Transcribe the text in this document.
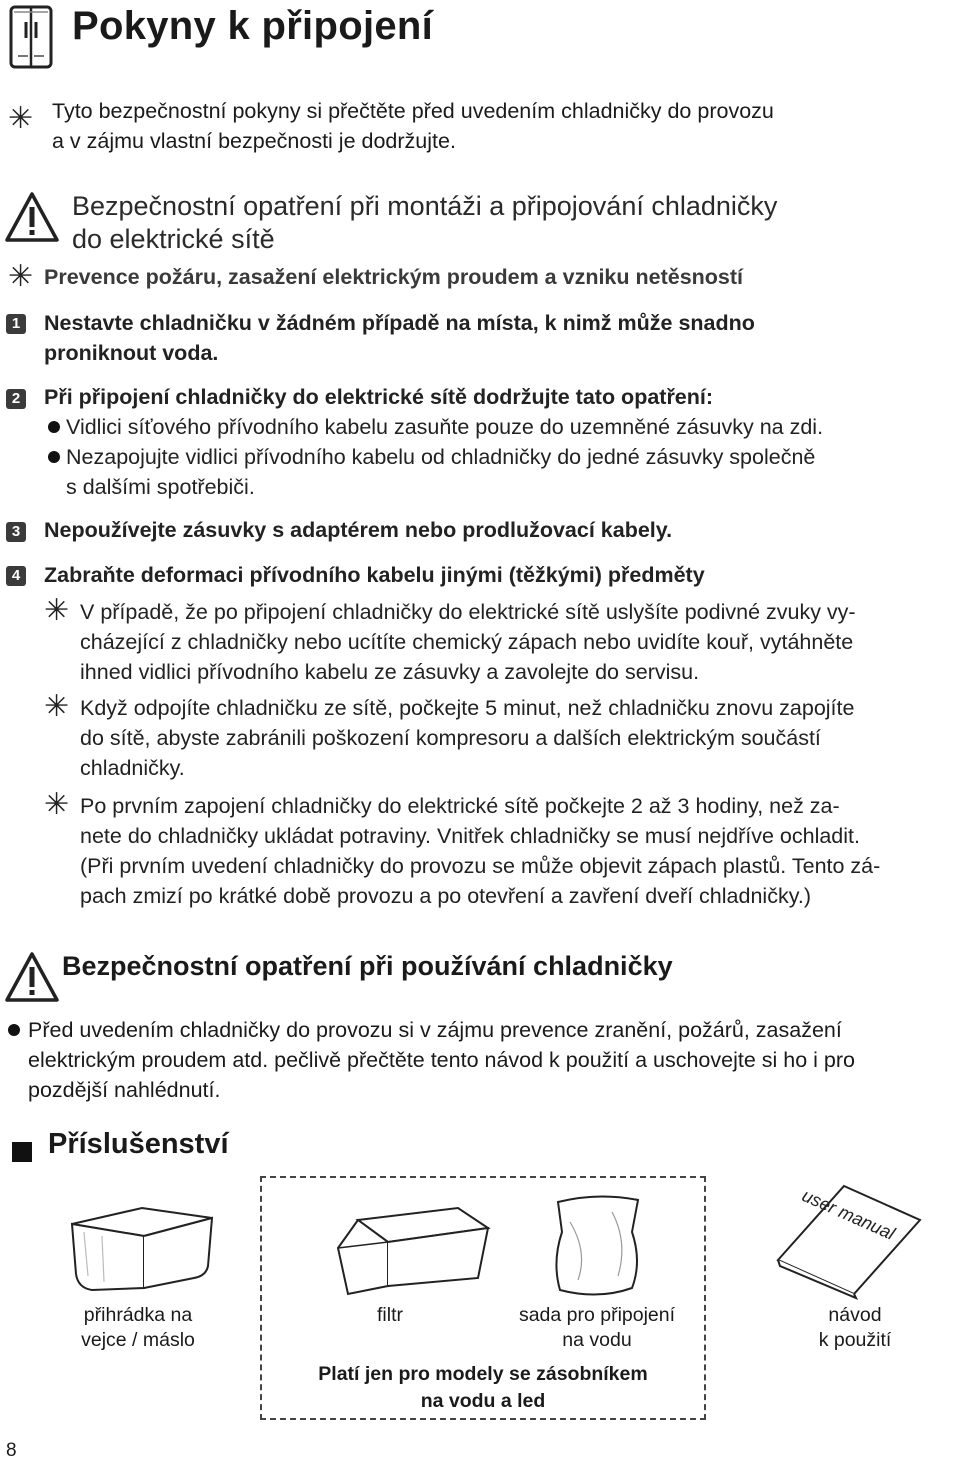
Pokyny k připojení
✳ Tyto bezpečnostní pokyny si přečtěte před uvedením chladničky do provozu
a v zájmu vlastní bezpečnosti je dodržujte.
Bezpečnostní opatření při montáži a připojování chladničky
do elektrické sítě
✳ Prevence požáru, zasažení elektrickým proudem a vzniku netěsností
1 Nestavte chladničku v žádném případě na místa, k nimž může snadno
proniknout voda.
2 Při připojení chladničky do elektrické sítě dodržujte tato opatření:
Vidlici síťového přívodního kabelu zasuňte pouze do uzemněné zásuvky na zdi.
Nezapojujte vidlici přívodního kabelu od chladničky do jedné zásuvky společně
s dalšími spotřebiči.
3 Nepoužívejte zásuvky s adaptérem nebo prodlužovací kabely.
4 Zabraňte deformaci přívodního kabelu jinými (těžkými) předměty
✳ V případě, že po připojení chladničky do elektrické sítě uslyšíte podivné zvuky vy-
cházející z chladničky nebo ucítíte chemický zápach nebo uvidíte kouř, vytáhněte
ihned vidlici přívodního kabelu ze zásuvky a zavolejte do servisu.
✳ Když odpojíte chladničku ze sítě, počkejte 5 minut, než chladničku znovu zapojíte
do sítě, abyste zabránili poškození kompresoru a dalších elektrickým součástí
chladničky.
✳ Po prvním zapojení chladničky do elektrické sítě počkejte 2 až 3 hodiny, než za-
nete do chladničky ukládat potraviny. Vnitřek chladničky se musí nejdříve ochladit.
(Při prvním uvedení chladničky do provozu se může objevit zápach plastů. Tento zá-
pach zmizí po krátké době provozu a po otevření a zavření dveří chladničky.)
Bezpečnostní opatření při používání chladničky
Před uvedením chladničky do provozu si v zájmu prevence zranění, požárů, zasažení
elektrickým proudem atd. pečlivě přečtěte tento návod k použití a uschovejte si ho i pro
pozdější nahlédnutí.
Příslušenství
user manual
přihrádka na
vejce / máslo
filtr	sada pro připojení
na vodu
návod
k použití
Platí jen pro modely se zásobníkem
na vodu a led
8
